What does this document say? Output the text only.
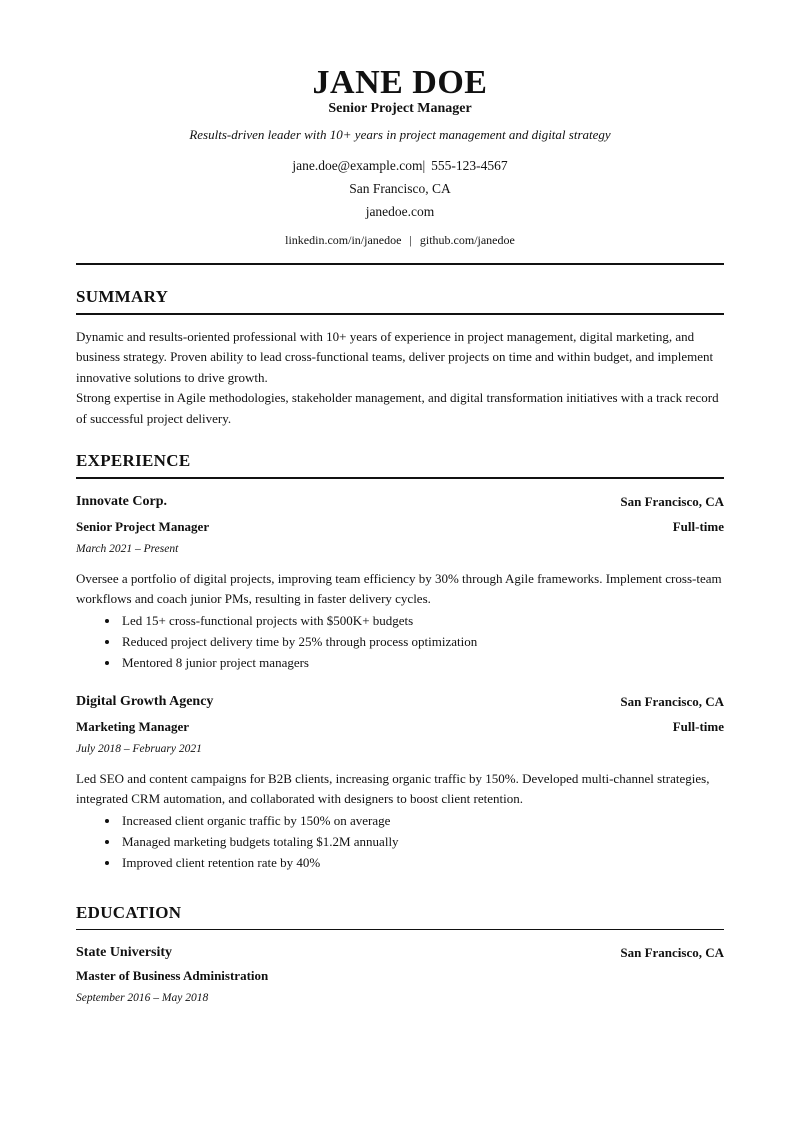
JANE DOE
Senior Project Manager
Results-driven leader with 10+ years in project management and digital strategy
jane.doe@example.com| 555-123-4567
San Francisco, CA
janedoe.com
linkedin.com/in/janedoe | github.com/janedoe
SUMMARY

Dynamic and results-oriented professional with 10+ years of experience in project management, digital marketing, and business strategy. Proven ability to lead cross-functional teams, deliver projects on time and within budget, and implement innovative solutions to drive growth.

Strong expertise in Agile methodologies, stakeholder management, and digital transformation initiatives with a track record of successful project delivery.

EXPERIENCE
Innovate Corp.	San Francisco, CA
Senior Project Manager	Full-time
March 2021 – Present

Oversee a portfolio of digital projects, improving team efficiency by 30% through Agile frameworks. Implement cross-team workflows and coach junior PMs, resulting in faster delivery cycles.

• Led 15+ cross-functional projects with $500K+ budgets
• Reduced project delivery time by 25% through process optimization
• Mentored 8 junior project managers
Digital Growth Agency	San Francisco, CA
Marketing Manager	Full-time
July 2018 – February 2021

Led SEO and content campaigns for B2B clients, increasing organic traffic by 150%. Developed multi-channel strategies, integrated CRM automation, and collaborated with designers to boost client retention.

• Increased client organic traffic by 150% on average
• Managed marketing budgets totaling $1.2M annually
• Improved client retention rate by 40%
EDUCATION
State University	San Francisco, CA
Master of Business Administration
September 2016 – May 2018
